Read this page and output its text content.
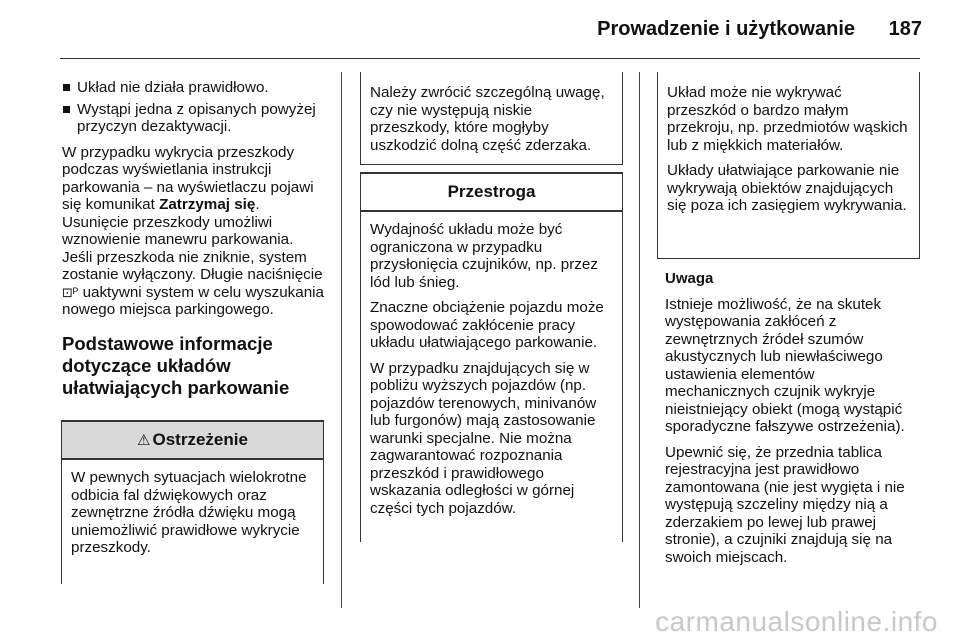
Prowadzenie i użytkowanie 187
Układ nie działa prawidłowo.
Wystąpi jedna z opisanych powyżej przyczyn dezaktywacji.

W przypadku wykrycia przeszkody podczas wyświetlania instrukcji parkowania – na wyświetlaczu pojawi się komunikat Zatrzymaj się.

Usunięcie przeszkody umożliwi wznowienie manewru parkowania.

Jeśli przeszkoda nie zniknie, system zostanie wyłączony. Długie naciśnięcie ⊡ᴾ uaktywni system w celu wyszukania nowego miejsca parkingowego.

Podstawowe informacje dotyczące układów ułatwiających parkowanie
⚠ Ostrzeżenie
W pewnych sytuacjach wielokrotne odbicia fal dźwiękowych oraz zewnętrzne źródła dźwięku mogą uniemożliwić prawidłowe wykrycie przeszkody.
Należy zwrócić szczególną uwagę, czy nie występują niskie przeszkody, które mogłyby uszkodzić dolną część zderzaka.
Przestroga

Wydajność układu może być ograniczona w przypadku przysłonięcia czujników, np. przez lód lub śnieg.

Znaczne obciążenie pojazdu może spowodować zakłócenie pracy układu ułatwiającego parkowanie.

W przypadku znajdujących się w pobliżu wyższych pojazdów (np. pojazdów terenowych, minivanów lub furgonów) mają zastosowanie warunki specjalne. Nie można zagwarantować rozpoznania przeszkód i prawidłowego wskazania odległości w górnej części tych pojazdów.

Układ może nie wykrywać przeszkód o bardzo małym przekroju, np. przedmiotów wąskich lub z miękkich materiałów.

Układy ułatwiające parkowanie nie wykrywają obiektów znajdujących się poza ich zasięgiem wykrywania.

Uwaga

Istnieje możliwość, że na skutek występowania zakłóceń z zewnętrznych źródeł szumów akustycznych lub niewłaściwego ustawienia elementów mechanicznych czujnik wykryje nieistniejący obiekt (mogą wystąpić sporadyczne fałszywe ostrzeżenia).

Upewnić się, że przednia tablica rejestracyjna jest prawidłowo zamontowana (nie jest wygięta i nie występują szczeliny między nią a zderzakiem po lewej lub prawej stronie), a czujniki znajdują się na swoich miejscach.

carmanualsonline.info
